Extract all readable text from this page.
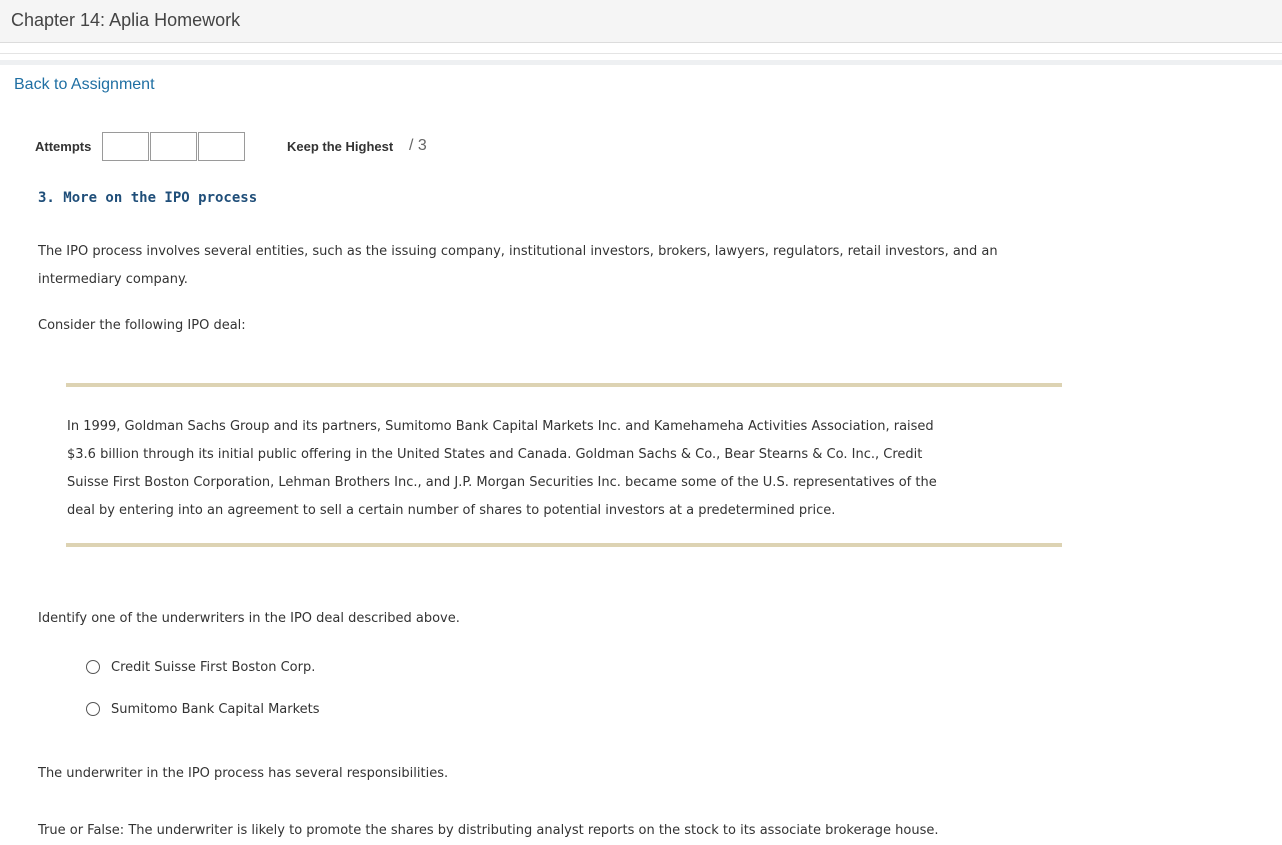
Chapter 14: Aplia Homework
Back to Assignment
Attempts	Keep the Highest / 3
3. More on the IPO process
The IPO process involves several entities, such as the issuing company, institutional investors, brokers, lawyers, regulators, retail investors, and an
intermediary company.
Consider the following IPO deal:
In 1999, Goldman Sachs Group and its partners, Sumitomo Bank Capital Markets Inc. and Kamehameha Activities Association, raised
$3.6 billion through its initial public offering in the United States and Canada. Goldman Sachs & Co., Bear Stearns & Co. Inc., Credit
Suisse First Boston Corporation, Lehman Brothers Inc., and J.P. Morgan Securities Inc. became some of the U.S. representatives of the
deal by entering into an agreement to sell a certain number of shares to potential investors at a predetermined price.
Identify one of the underwriters in the IPO deal described above.
Credit Suisse First Boston Corp.
Sumitomo Bank Capital Markets
The underwriter in the IPO process has several responsibilities.
True or False: The underwriter is likely to promote the shares by distributing analyst reports on the stock to its associate brokerage house.
